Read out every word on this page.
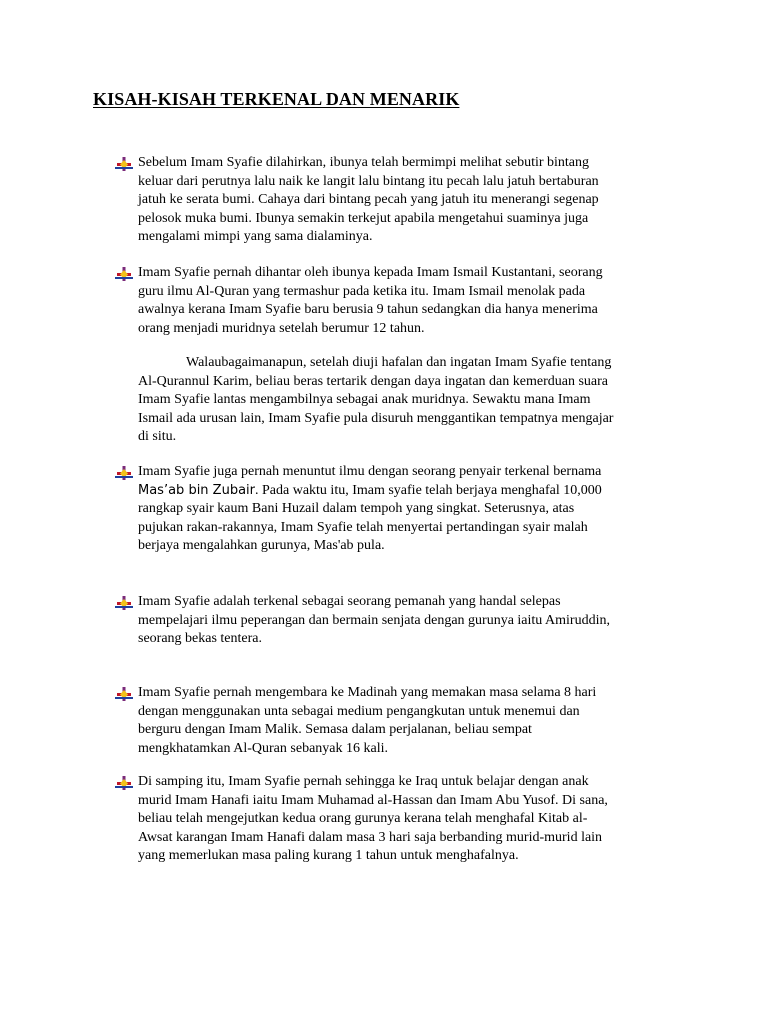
KISAH-KISAH TERKENAL DAN MENARIK
Sebelum Imam Syafie dilahirkan, ibunya telah bermimpi melihat sebutir bintang
keluar dari perutnya lalu naik ke langit lalu bintang itu pecah lalu jatuh bertaburan
jatuh ke serata bumi. Cahaya dari bintang pecah yang jatuh itu menerangi segenap
pelosok muka bumi. Ibunya semakin terkejut apabila mengetahui suaminya juga
mengalami mimpi yang sama dialaminya.
Imam Syafie pernah dihantar oleh ibunya kepada Imam Ismail Kustantani, seorang
guru ilmu Al-Quran yang termashur pada ketika itu. Imam Ismail menolak pada
awalnya kerana Imam Syafie baru berusia 9 tahun sedangkan dia hanya menerima
orang menjadi muridnya setelah berumur 12 tahun.
Walaubagaimanapun, setelah diuji hafalan dan ingatan Imam Syafie tentang
Al-Qurannul Karim, beliau beras tertarik dengan daya ingatan dan kemerduan suara
Imam Syafie lantas mengambilnya sebagai anak muridnya. Sewaktu mana Imam
Ismail ada urusan lain, Imam Syafie pula disuruh menggantikan tempatnya mengajar
di situ.
Imam Syafie juga pernah menuntut ilmu dengan seorang penyair terkenal bernama
Mas’ab bin Zubair. Pada waktu itu, Imam syafie telah berjaya menghafal 10,000
rangkap syair kaum Bani Huzail dalam tempoh yang singkat. Seterusnya, atas
pujukan rakan-rakannya, Imam Syafie telah menyertai pertandingan syair malah
berjaya mengalahkan gurunya, Mas'ab pula.
Imam Syafie adalah terkenal sebagai seorang pemanah yang handal selepas
mempelajari ilmu peperangan dan bermain senjata dengan gurunya iaitu Amiruddin,
seorang bekas tentera.
Imam Syafie pernah mengembara ke Madinah yang memakan masa selama 8 hari
dengan menggunakan unta sebagai medium pengangkutan untuk menemui dan
berguru dengan Imam Malik. Semasa dalam perjalanan, beliau sempat
mengkhatamkan Al-Quran sebanyak 16 kali.
Di samping itu, Imam Syafie pernah sehingga ke Iraq untuk belajar dengan anak
murid Imam Hanafi iaitu Imam Muhamad al-Hassan dan Imam Abu Yusof. Di sana,
beliau telah mengejutkan kedua orang gurunya kerana telah menghafal Kitab al-
Awsat karangan Imam Hanafi dalam masa 3 hari saja berbanding murid-murid lain
yang memerlukan masa paling kurang 1 tahun untuk menghafalnya.
